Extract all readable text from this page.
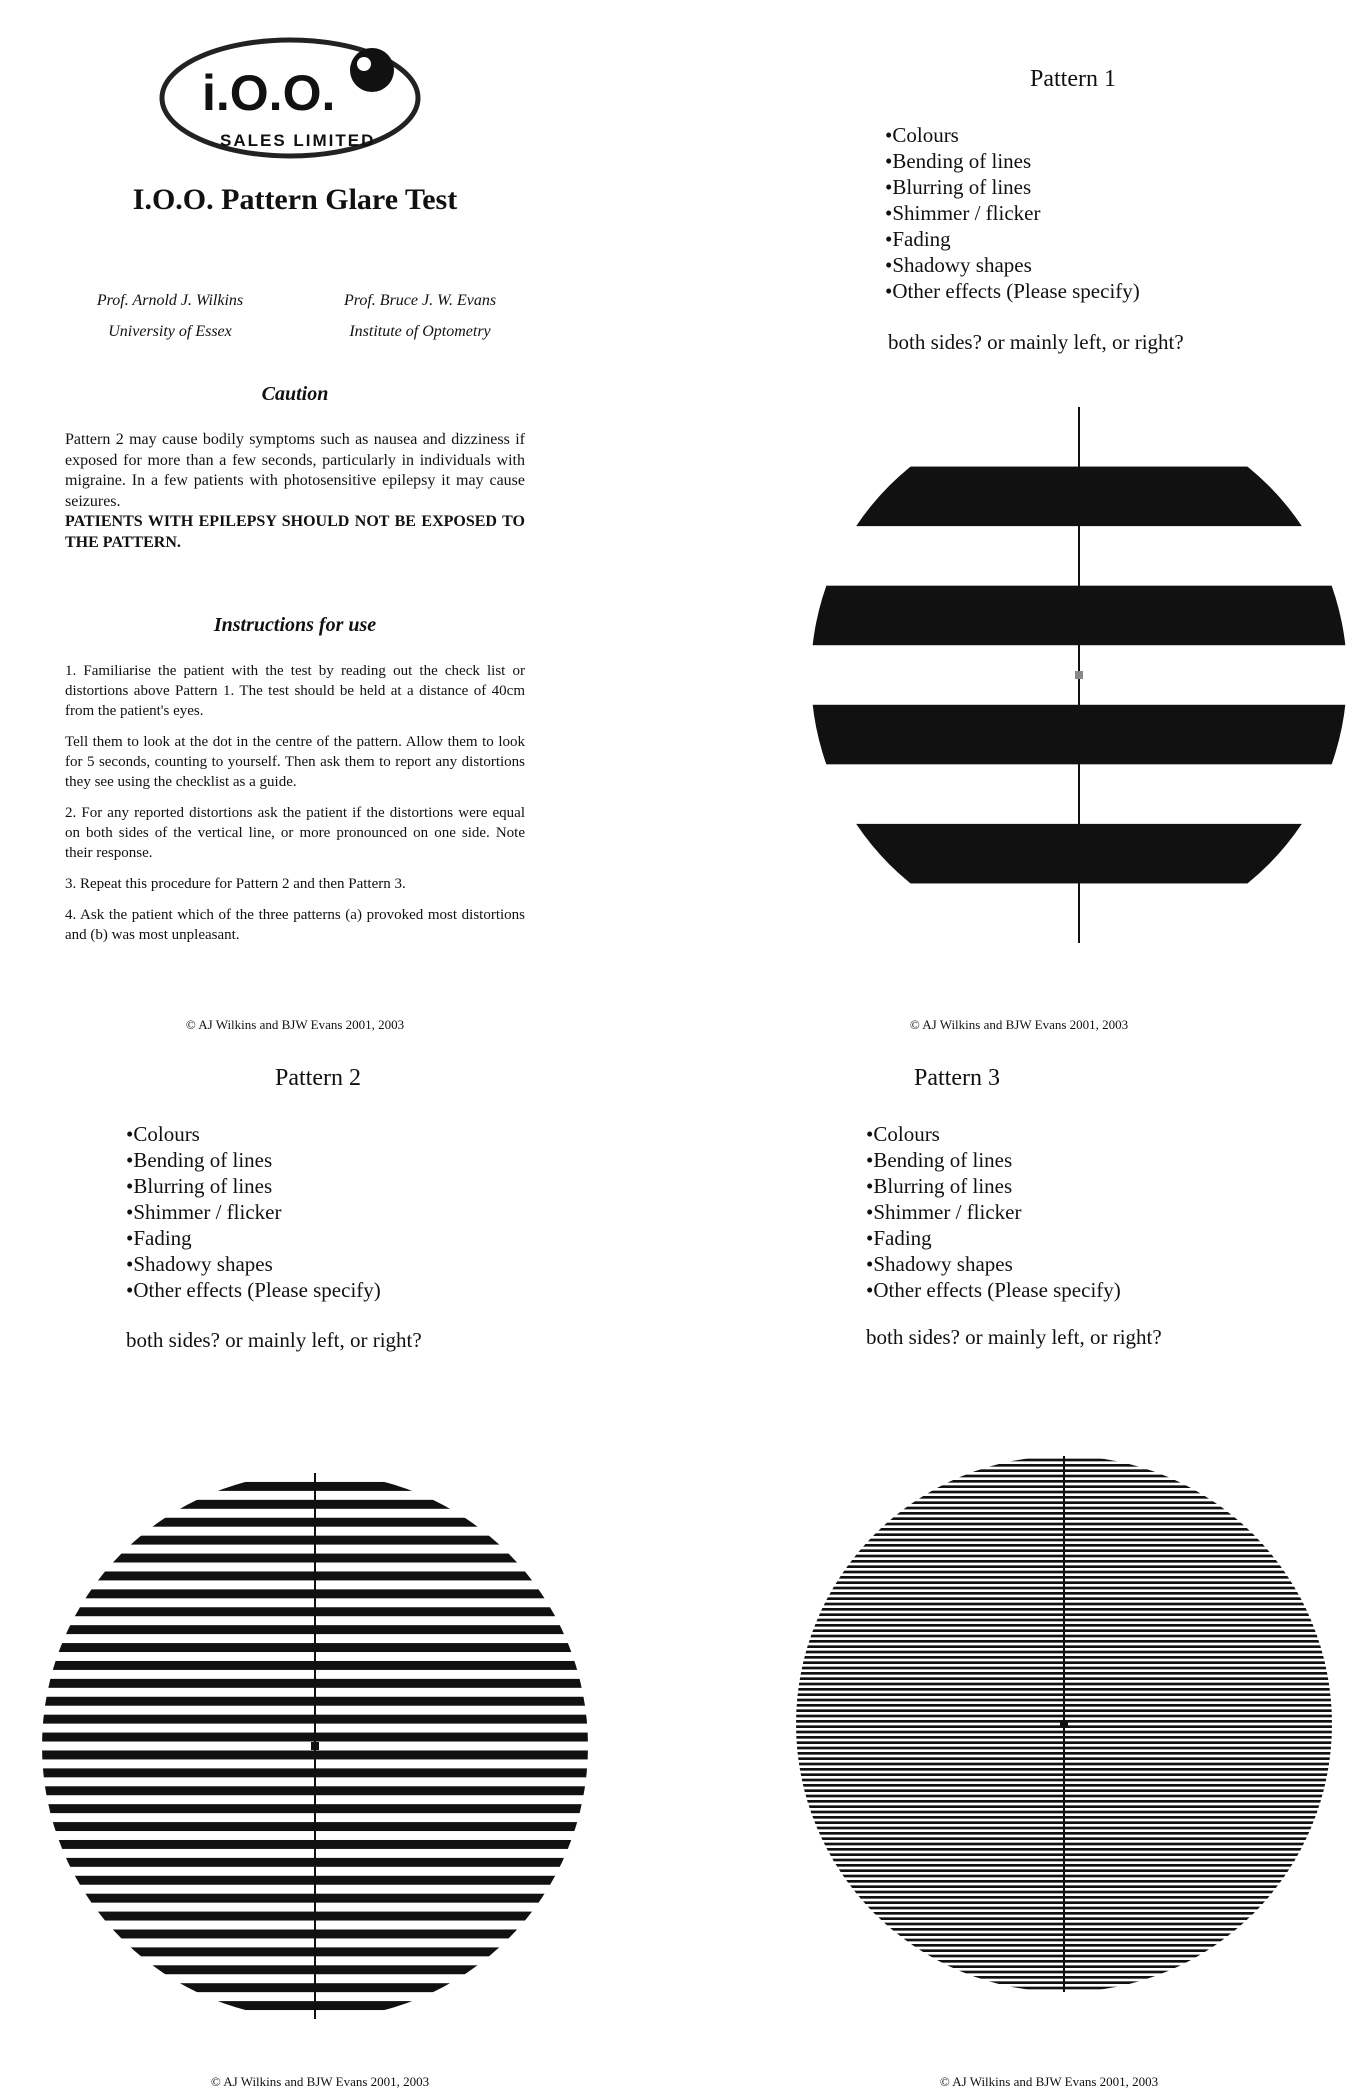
i.O.O.
SALES LIMITED
I.O.O. Pattern Glare Test
Prof. Arnold J. Wilkins
University of Essex
Prof. Bruce J. W. Evans
Institute of Optometry
Caution
Pattern 2 may cause bodily symptoms such as nausea and dizziness if exposed for more than a few seconds, particularly in individuals with migraine. In a few patients with photosensitive epilepsy it may cause seizures.
PATIENTS WITH EPILEPSY SHOULD NOT BE EXPOSED TO THE PATTERN.
Instructions for use

1. Familiarise the patient with the test by reading out the check list or distortions above Pattern 1. The test should be held at a distance of 40cm from the patient's eyes.

Tell them to look at the dot in the centre of the pattern. Allow them to look for 5 seconds, counting to yourself. Then ask them to report any distortions they see using the checklist as a guide.

2. For any reported distortions ask the patient if the distortions were equal on both sides of the vertical line, or more pronounced on one side. Note their response.

3. Repeat this procedure for Pattern 2 and then Pattern 3.

4. Ask the patient which of the three patterns (a) provoked most distortions and (b) was most unpleasant.

© AJ Wilkins and BJW Evans 2001, 2003
Pattern 1
•Colours
•Bending of lines
•Blurring of lines
•Shimmer / flicker
•Fading
•Shadowy shapes
•Other effects (Please specify)
both sides? or mainly left, or right?
© AJ Wilkins and BJW Evans 2001, 2003
Pattern 2
•Colours
•Bending of lines
•Blurring of lines
•Shimmer / flicker
•Fading
•Shadowy shapes
•Other effects (Please specify)
both sides? or mainly left, or right?
© AJ Wilkins and BJW Evans 2001, 2003
Pattern 3
•Colours
•Bending of lines
•Blurring of lines
•Shimmer / flicker
•Fading
•Shadowy shapes
•Other effects (Please specify)
both sides? or mainly left, or right?
© AJ Wilkins and BJW Evans 2001, 2003
